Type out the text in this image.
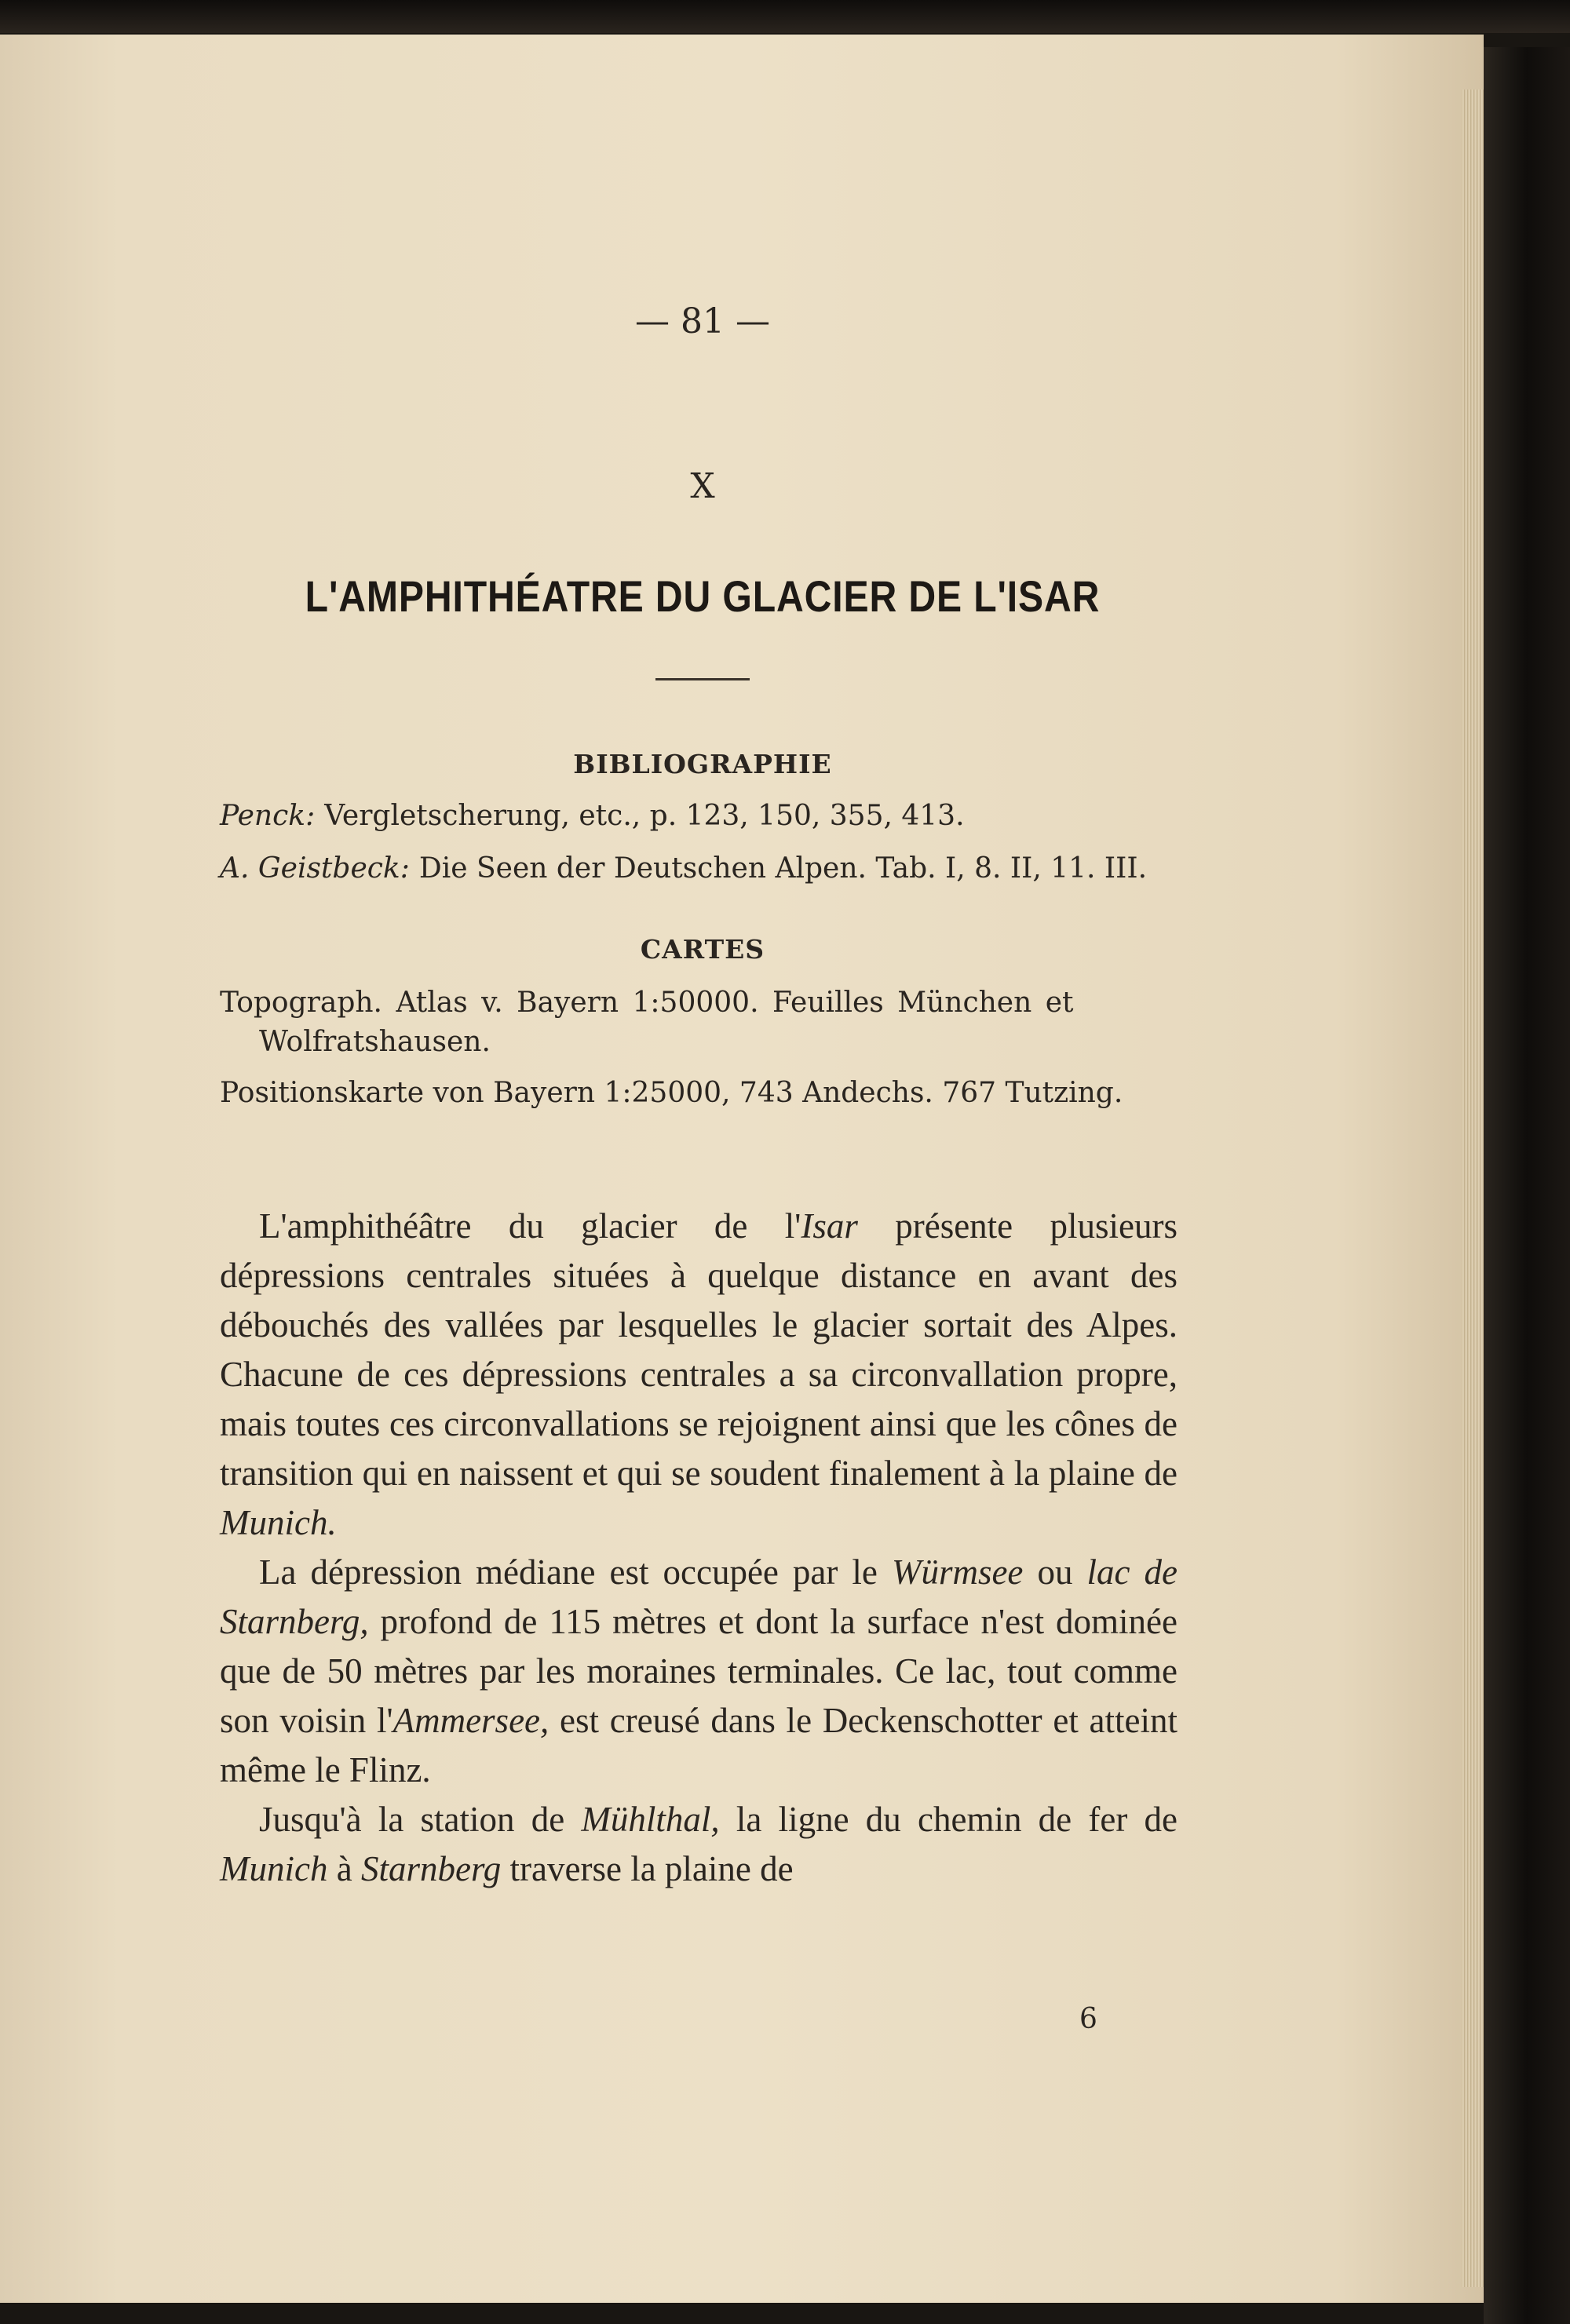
— 81 —
X
L'AMPHITHÉATRE DU GLACIER DE L'ISAR
BIBLIOGRAPHIE
Penck: Vergletscherung, etc., p. 123, 150, 355, 413.
A. Geistbeck: Die Seen der Deutschen Alpen. Tab. I, 8. II, 11. III.
CARTES
Topograph. Atlas v. Bayern 1:50000. Feuilles München et
Wolfratshausen.
Positionskarte von Bayern 1:25000, 743 Andechs. 767 Tutzing.

L'amphithéâtre du glacier de l'Isar présente plusieurs dépressions centrales situées à quelque distance en avant des débouchés des vallées par lesquelles le glacier sortait des Alpes. Chacune de ces dépressions centrales a sa circonvallation propre, mais toutes ces circonvallations se rejoignent ainsi que les cônes de transition qui en naissent et qui se soudent finalement à la plaine de Munich.

La dépression médiane est occupée par le Würmsee ou lac de Starnberg, profond de 115 mètres et dont la surface n'est dominée que de 50 mètres par les moraines terminales. Ce lac, tout comme son voisin l'Ammersee, est creusé dans le Deckenschotter et atteint même le Flinz.

Jusqu'à la station de Mühlthal, la ligne du chemin de fer de Munich à Starnberg traverse la plaine de

6
